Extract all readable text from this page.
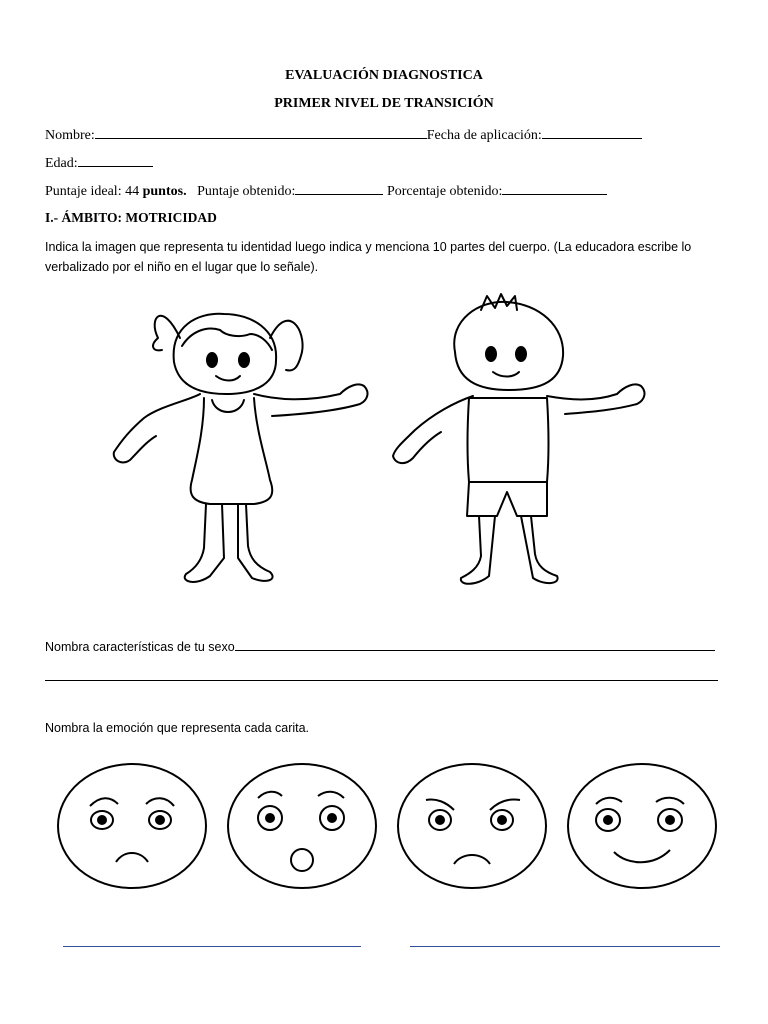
EVALUACIÓN DIAGNOSTICA
PRIMER NIVEL DE TRANSICIÓN
Nombre:	Fecha de aplicación:
Edad:
Puntaje ideal: 44 puntos. Puntaje obtenido:	Porcentaje obtenido:
I.- ÁMBITO: MOTRICIDAD
Indica la imagen que representa tu identidad luego indica y menciona 10 partes del cuerpo. (La educadora escribe lo verbalizado por el niño en el lugar que lo señale).
Nombra características de tu sexo
Nombra la emoción que representa cada carita.
